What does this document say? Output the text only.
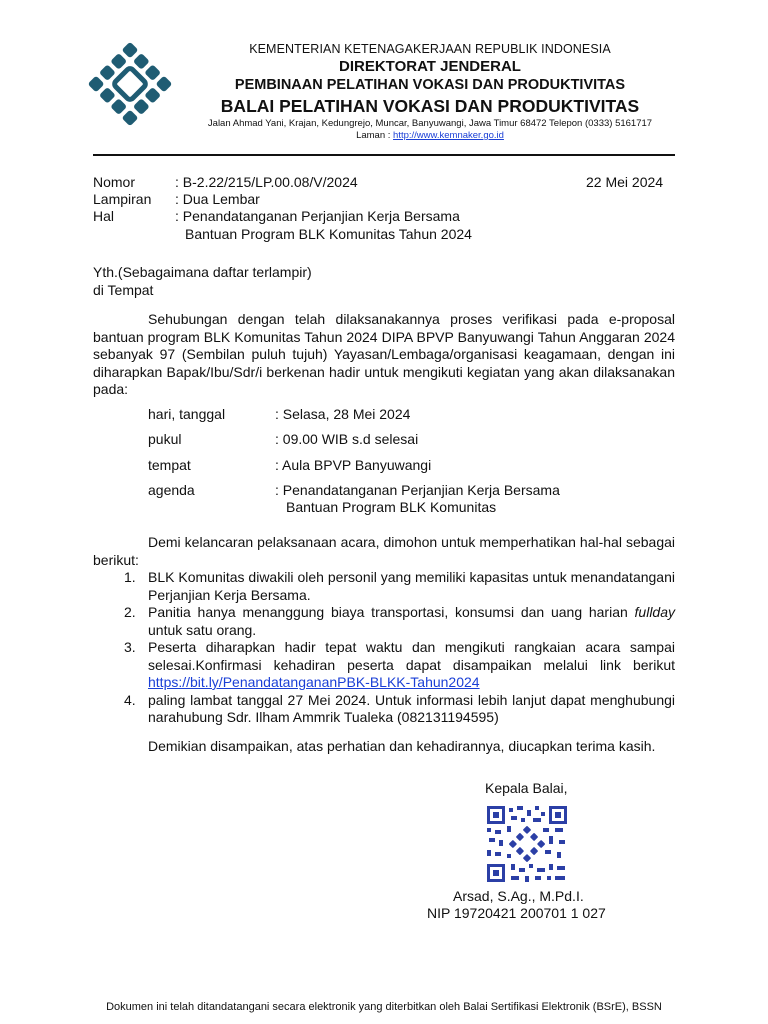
KEMENTERIAN KETENAGAKERJAAN REPUBLIK INDONESIA
DIREKTORAT JENDERAL
PEMBINAAN PELATIHAN VOKASI DAN PRODUKTIVITAS
BALAI PELATIHAN VOKASI DAN PRODUKTIVITAS
Jalan Ahmad Yani, Krajan, Kedungrejo, Muncar, Banyuwangi, Jawa Timur 68472 Telepon (0333) 5161717
Laman : http://www.kemnaker.go.id
Nomor	: B-2.22/215/LP.00.08/V/2024	22 Mei 2024
Lampiran : Dua Lembar
Hal	: Penandatanganan Perjanjian Kerja Bersama
Bantuan Program BLK Komunitas Tahun 2024
Yth.(Sebagaimana daftar terlampir)
di Tempat
Sehubungan dengan telah dilaksanakannya proses verifikasi pada e-proposal bantuan program BLK Komunitas Tahun 2024 DIPA BPVP Banyuwangi Tahun Anggaran 2024 sebanyak 97 (Sembilan puluh tujuh) Yayasan/Lembaga/organisasi keagamaan, dengan ini diharapkan Bapak/Ibu/Sdr/i berkenan hadir untuk mengikuti kegiatan yang akan dilaksanakan pada:
hari, tanggal	: Selasa, 28 Mei 2024
pukul	: 09.00 WIB s.d selesai
tempat	: Aula BPVP Banyuwangi
agenda	: Penandatanganan Perjanjian Kerja Bersama
Bantuan Program BLK Komunitas
Demi kelancaran pelaksanaan acara, dimohon untuk memperhatikan hal-hal sebagai berikut:
1. BLK Komunitas diwakili oleh personil yang memiliki kapasitas untuk menandatangani Perjanjian Kerja Bersama.
2. Panitia hanya menanggung biaya transportasi, konsumsi dan uang harian fullday untuk satu orang.
3. Peserta diharapkan hadir tepat waktu dan mengikuti rangkaian acara sampai selesai.Konfirmasi kehadiran peserta dapat disampaikan melalui link berikut https://bit.ly/PenandatangananPBK-BLKK-Tahun2024
4. paling lambat tanggal 27 Mei 2024. Untuk informasi lebih lanjut dapat menghubungi narahubung Sdr. Ilham Ammrik Tualeka (082131194595)
Demikian disampaikan, atas perhatian dan kehadirannya, diucapkan terima kasih.
Kepala Balai,
Arsad, S.Ag., M.Pd.I.
NIP 19720421 200701 1 027
Dokumen ini telah ditandatangani secara elektronik yang diterbitkan oleh Balai Sertifikasi Elektronik (BSrE), BSSN
